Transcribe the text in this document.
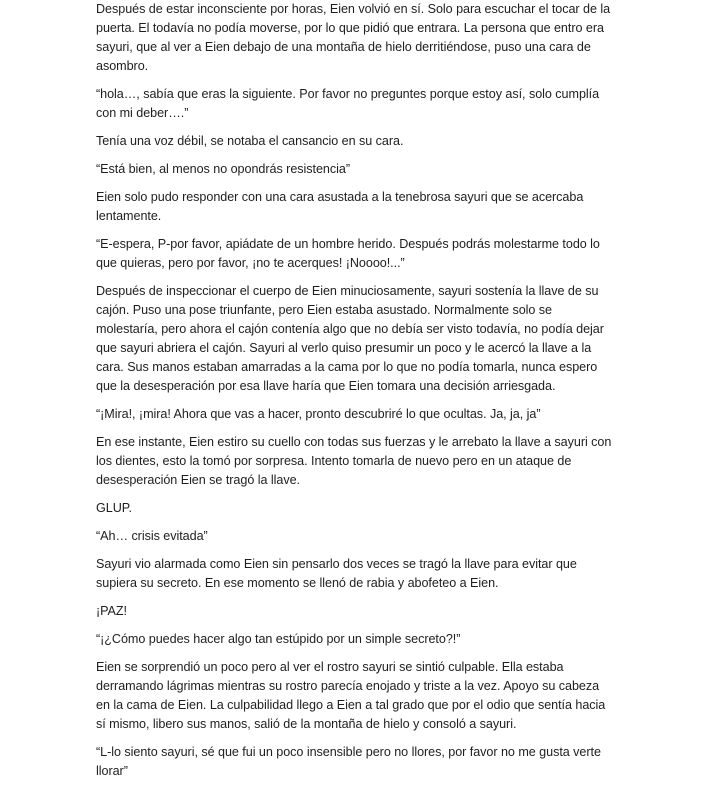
Después de estar inconsciente por horas, Eien volvió en sí. Solo para escuchar el tocar de la puerta. El todavía no podía moverse, por lo que pidió que entrara. La persona que entro era sayuri, que al ver a Eien debajo de una montaña de hielo derritiéndose, puso una cara de asombro.

“hola…, sabía que eras la siguiente. Por favor no preguntes porque estoy así, solo cumplía con mi deber….”

Tenía una voz débil, se notaba el cansancio en su cara.

“Está bien, al menos no opondrás resistencia”

Eien solo pudo responder con una cara asustada a la tenebrosa sayuri que se acercaba lentamente.

“E-espera, P-por favor, apiádate de un hombre herido. Después podrás molestarme todo lo que quieras, pero por favor, ¡no te acerques! ¡Noooo!...”

Después de inspeccionar el cuerpo de Eien minuciosamente, sayuri sostenía la llave de su cajón. Puso una pose triunfante, pero Eien estaba asustado. Normalmente solo se molestaría, pero ahora el cajón contenía algo que no debía ser visto todavía, no podía dejar que sayuri abriera el cajón. Sayuri al verlo quiso presumir un poco y le acercó la llave a la cara. Sus manos estaban amarradas a la cama por lo que no podía tomarla, nunca espero que la desesperación por esa llave haría que Eien tomara una decisión arriesgada.

“¡Mira!, ¡mira! Ahora que vas a hacer, pronto descubriré lo que ocultas. Ja, ja, ja”

En ese instante, Eien estiro su cuello con todas sus fuerzas y le arrebato la llave a sayuri con los dientes, esto la tomó por sorpresa. Intento tomarla de nuevo pero en un ataque de desesperación Eien se tragó la llave.

GLUP.

“Ah… crisis evitada”

Sayuri vio alarmada como Eien sin pensarlo dos veces se tragó la llave para evitar que supiera su secreto. En ese momento se llenó de rabia y abofeteo a Eien.

¡PAZ!

“¡¿Cómo puedes hacer algo tan estúpido por un simple secreto?!”

Eien se sorprendió un poco pero al ver el rostro sayuri se sintió culpable. Ella estaba derramando lágrimas mientras su rostro parecía enojado y triste a la vez. Apoyo su cabeza en la cama de Eien. La culpabilidad llego a Eien a tal grado que por el odio que sentía hacia sí mismo, libero sus manos, salió de la montaña de hielo y consoló a sayuri.

“L-lo siento sayuri, sé que fui un poco insensible pero no llores, por favor no me gusta verte llorar”
